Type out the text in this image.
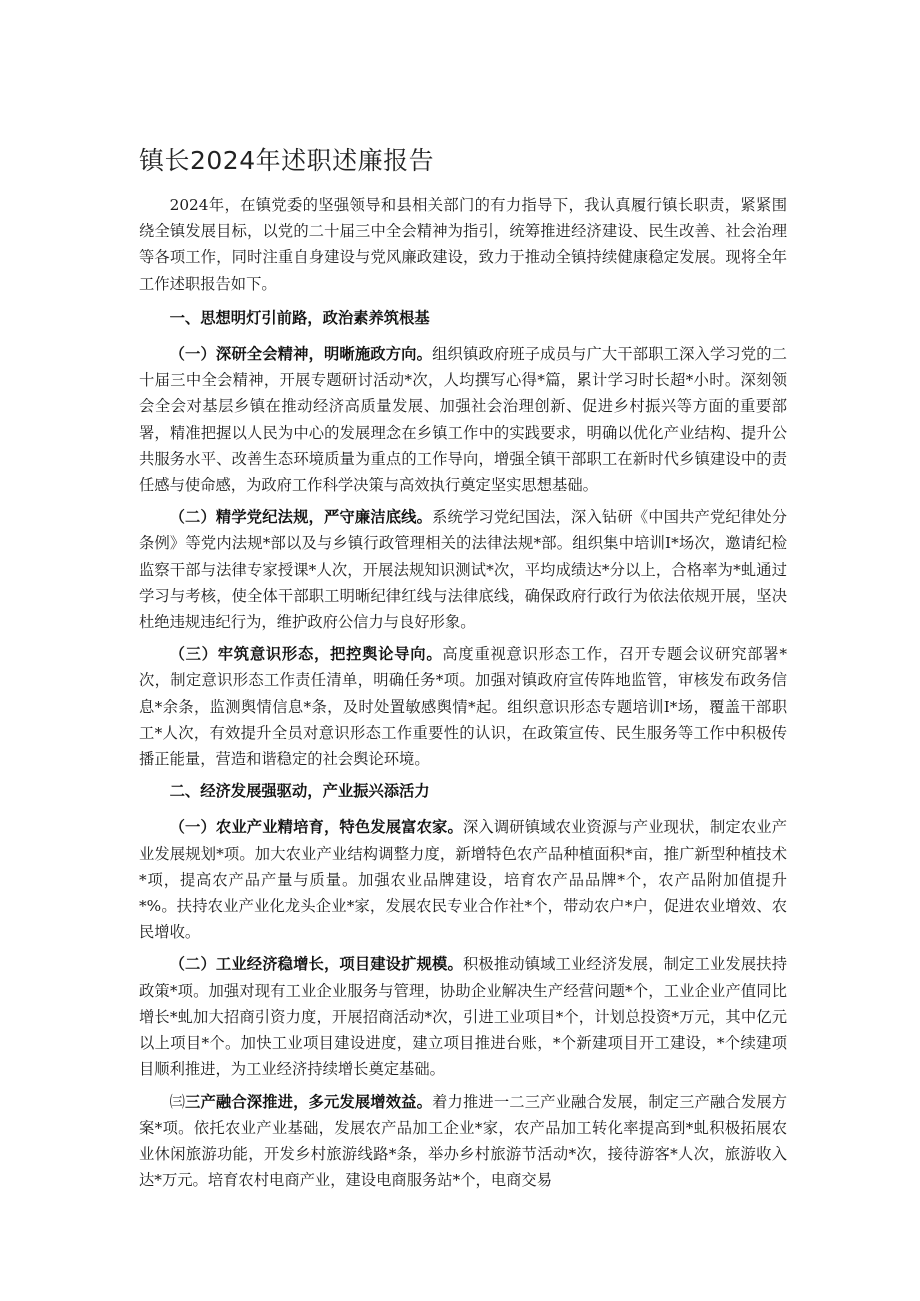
镇长2024年述职述廉报告

2024年，在镇党委的坚强领导和县相关部门的有力指导下，我认真履行镇长职责，紧紧围绕全镇发展目标，以党的二十届三中全会精神为指引，统筹推进经济建设、民生改善、社会治理等各项工作，同时注重自身建设与党风廉政建设，致力于推动全镇持续健康稳定发展。现将全年工作述职报告如下。

一、思想明灯引前路，政治素养筑根基

（一）深研全会精神，明晰施政方向。组织镇政府班子成员与广大干部职工深入学习党的二十届三中全会精神，开展专题研讨活动*次，人均撰写心得*篇，累计学习时长超*小时。深刻领会全会对基层乡镇在推动经济高质量发展、加强社会治理创新、促进乡村振兴等方面的重要部署，精准把握以人民为中心的发展理念在乡镇工作中的实践要求，明确以优化产业结构、提升公共服务水平、改善生态环境质量为重点的工作导向，增强全镇干部职工在新时代乡镇建设中的责任感与使命感，为政府工作科学决策与高效执行奠定坚实思想基础。

（二）精学党纪法规，严守廉洁底线。系统学习党纪国法，深入钻研《中国共产党纪律处分条例》等党内法规*部以及与乡镇行政管理相关的法律法规*部。组织集中培训I*场次，邀请纪检监察干部与法律专家授课*人次，开展法规知识测试*次，平均成绩达*分以上，合格率为*虬通过学习与考核，使全体干部职工明晰纪律红线与法律底线，确保政府行政行为依法依规开展，坚决杜绝违规违纪行为，维护政府公信力与良好形象。

（三）牢筑意识形态，把控舆论导向。高度重视意识形态工作，召开专题会议研究部署*次，制定意识形态工作责任清单，明确任务*项。加强对镇政府宣传阵地监管，审核发布政务信息*余条，监测舆情信息*条，及时处置敏感舆情*起。组织意识形态专题培训I*场，覆盖干部职工*人次，有效提升全员对意识形态工作重要性的认识，在政策宣传、民生服务等工作中积极传播正能量，营造和谐稳定的社会舆论环境。

二、经济发展强驱动，产业振兴添活力

（一）农业产业精培育，特色发展富农家。深入调研镇域农业资源与产业现状，制定农业产业发展规划*项。加大农业产业结构调整力度，新增特色农产品种植面积*亩，推广新型种植技术*项，提高农产品产量与质量。加强农业品牌建设，培育农产品品牌*个，农产品附加值提升*%。扶持农业产业化龙头企业*家，发展农民专业合作社*个，带动农户*户，促进农业增效、农民增收。

（二）工业经济稳增长，项目建设扩规模。积极推动镇域工业经济发展，制定工业发展扶持政策*项。加强对现有工业企业服务与管理，协助企业解决生产经营问题*个，工业企业产值同比增长*虬加大招商引资力度，开展招商活动*次，引进工业项目*个，计划总投资*万元，其中亿元以上项目*个。加快工业项目建设进度，建立项目推进台账，*个新建项目开工建设，*个续建项目顺利推进，为工业经济持续增长奠定基础。

㈢三产融合深推进，多元发展增效益。着力推进一二三产业融合发展，制定三产融合发展方案*项。依托农业产业基础，发展农产品加工企业*家，农产品加工转化率提高到*虬积极拓展农业休闲旅游功能，开发乡村旅游线路*条，举办乡村旅游节活动*次，接待游客*人次，旅游收入达*万元。培育农村电商产业，建设电商服务站*个，电商交易
